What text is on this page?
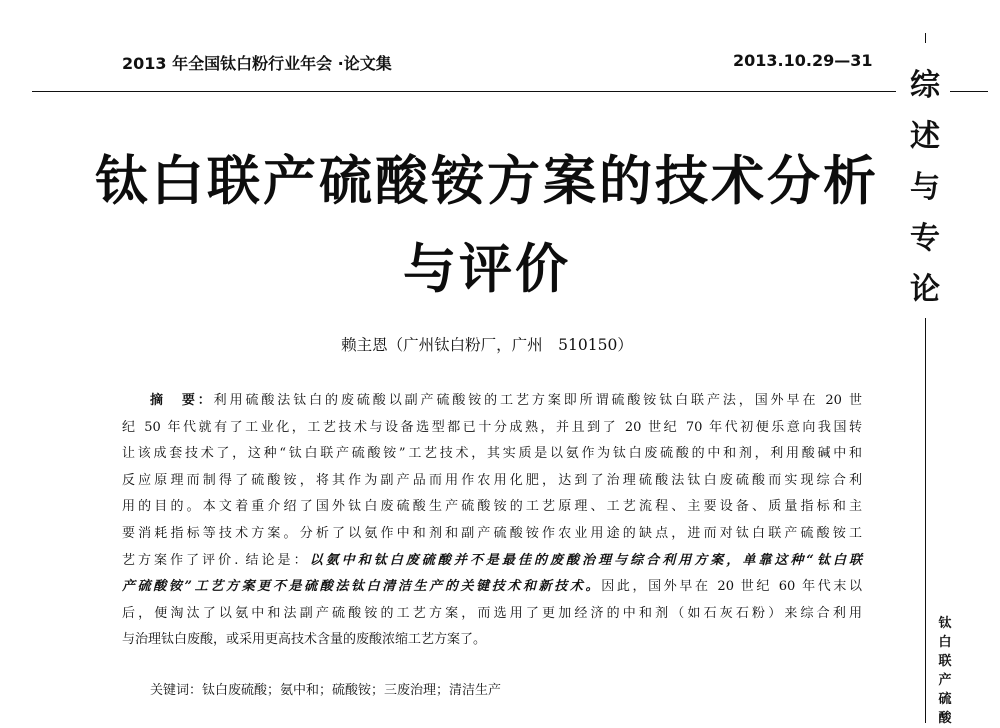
2013 年全国钛白粉行业年会 ·论文集	2013.10.29—31
综
述
与
专
论
钛
白
联
产
硫
酸
钛白联产硫酸铵方案的技术分析
与评价
赖主恩（广州钛白粉厂，广州　510150）
摘　要：利用硫酸法钛白的废硫酸以副产硫酸铵的工艺方案即所谓硫酸铵钛白联产法，国外早在 20 世
纪 50 年代就有了工业化，工艺技术与设备选型都已十分成熟，并且到了 20 世纪 70 年代初便乐意向我国转
让该成套技术了，这种“钛白联产硫酸铵”工艺技术，其实质是以氨作为钛白废硫酸的中和剂，利用酸碱中和
反应原理而制得了硫酸铵，将其作为副产品而用作农用化肥，达到了治理硫酸法钛白废硫酸而实现综合利
用的目的。本文着重介绍了国外钛白废硫酸生产硫酸铵的工艺原理、工艺流程、主要设备、质量指标和主
要消耗指标等技术方案。分析了以氨作中和剂和副产硫酸铵作农业用途的缺点，进而对钛白联产硫酸铵工
艺方案作了评价. 结论是：以氨中和钛白废硫酸并不是最佳的废酸治理与综合利用方案，单靠这种“钛白联
产硫酸铵”工艺方案更不是硫酸法钛白清洁生产的关键技术和新技术。因此，国外早在 20 世纪 60 年代末以
后，便淘汰了以氨中和法副产硫酸铵的工艺方案，而选用了更加经济的中和剂（如石灰石粉）来综合利用
与治理钛白废酸，或采用更高技术含量的废酸浓缩工艺方案了。
关键词：钛白废硫酸；氨中和；硫酸铵；三废治理；清洁生产
